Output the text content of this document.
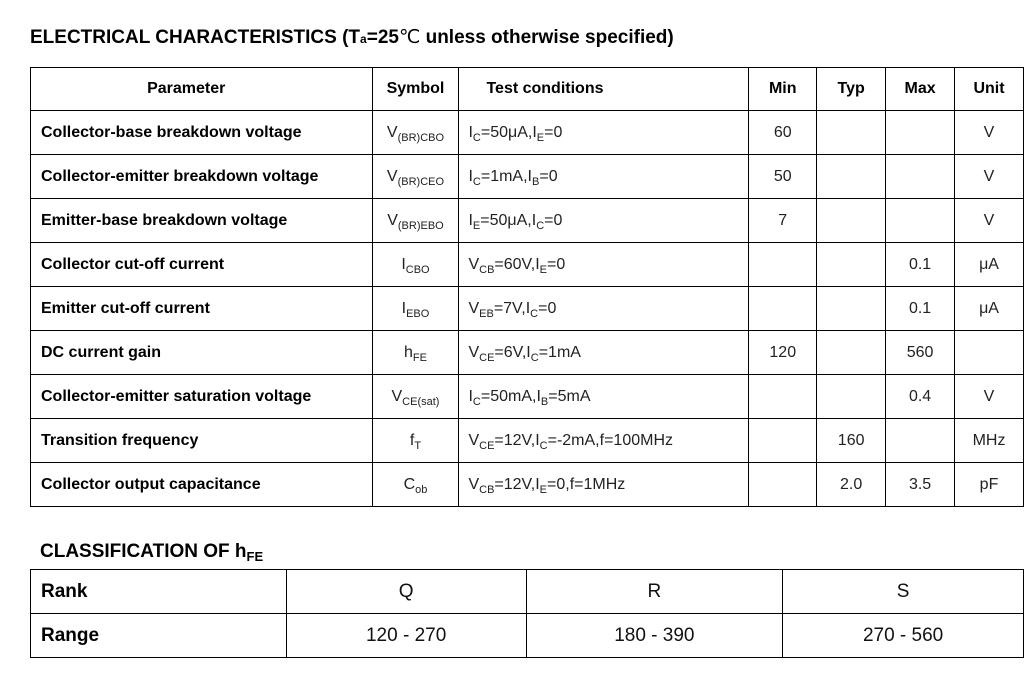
ELECTRICAL CHARACTERISTICS (Ta=25℃ unless otherwise specified)
Parameter	Symbol	Test conditions	Min	Typ	Max	Unit
Collector-base breakdown voltage	$V_{(BR)CBO}$	$I_C=50\mu A,I_E=0$	60			V
Collector-emitter breakdown voltage	$V_{(BR)CEO}$	$I_C=1mA,I_B=0$	50			V
Emitter-base breakdown voltage	$V_{(BR)EBO}$	$I_E=50\mu A,I_C=0$	7			V
Collector cut-off current	$I_{CBO}$	$V_{CB}=60V,I_E=0$			0.1	μA
Emitter cut-off current	$I_{EBO}$	$V_{EB}=7V,I_C=0$			0.1	μA
DC current gain	$h_{FE}$	$V_{CE}=6V,I_C=1mA$	120		560	
Collector-emitter saturation voltage	$V_{CE(sat)}$	$I_C=50mA,I_B=5mA$			0.4	V
Transition frequency	$f_T$	$V_{CE}=12V,I_C=-2mA,f=100MHz$		160		MHz
Collector output capacitance	$C_{ob}$	$V_{CB}=12V,I_E=0,f=1MHz$		2.0	3.5	pF
CLASSIFICATION OF $h_{FE}$
Rank	Q	R	S
Range	120 - 270	180 - 390	270 - 560
